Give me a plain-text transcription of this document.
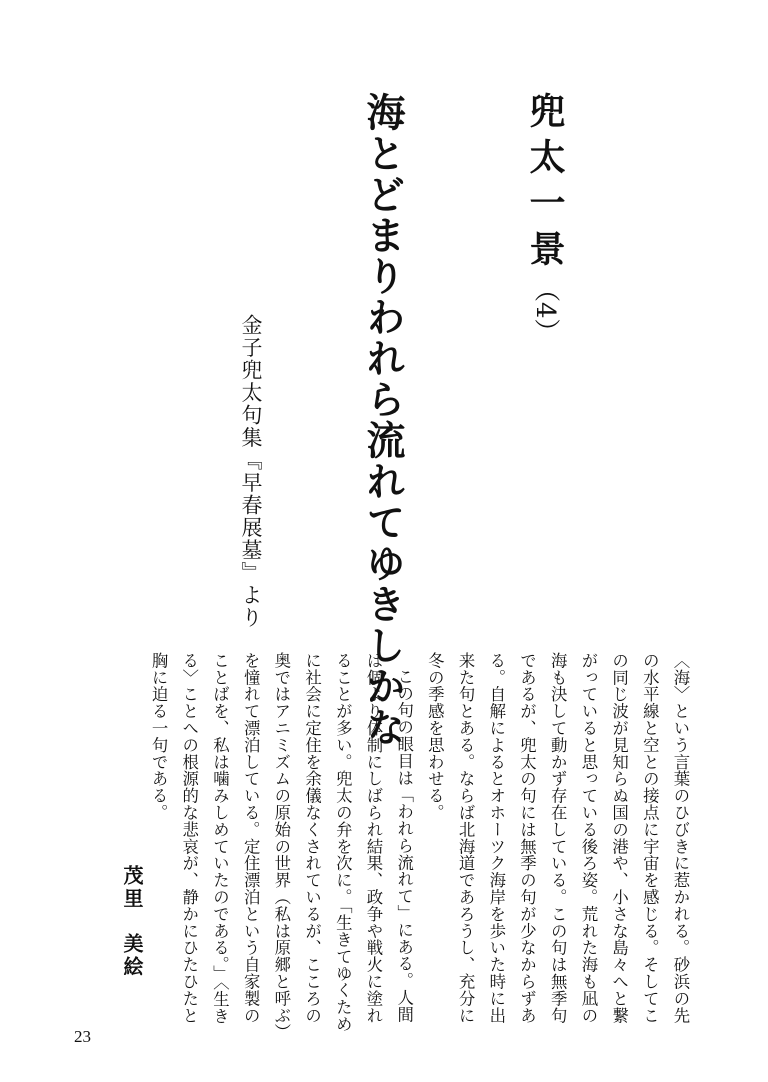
兜太一景（4）
海とどまりわれら流れてゆきしかな
金子兜太句集『早春展墓』より

〈海〉という言葉のひびきに惹かれる。砂浜の先の水平線と空との接点に宇宙を感じる。そしてこの同じ波が見知らぬ国の港や、小さな島々へと繋がっていると思っている後ろ姿。荒れた海も凪の海も決して動かず存在している。この句は無季句であるが、兜太の句には無季の句が少なからずある。自解によるとオホーツク海岸を歩いた時に出来た句とある。ならば北海道であろうし、充分に冬の季感を思わせる。

この句の眼目は「われら流れて」にある。人間は個より体制にしばられ結果、政争や戦火に塗れることが多い。兜太の弁を次に。「生きてゆくために社会に定住を余儀なくされているが、こころの奥ではアニミズムの原始の世界（私は原郷と呼ぶ）を憧れて漂泊している。定住漂泊という自家製のことばを、私は噛みしめていたのである。」〈生きる〉ことへの根源的な悲哀が、静かにひたひたと胸に迫る一句である。

茂里美絵
23
